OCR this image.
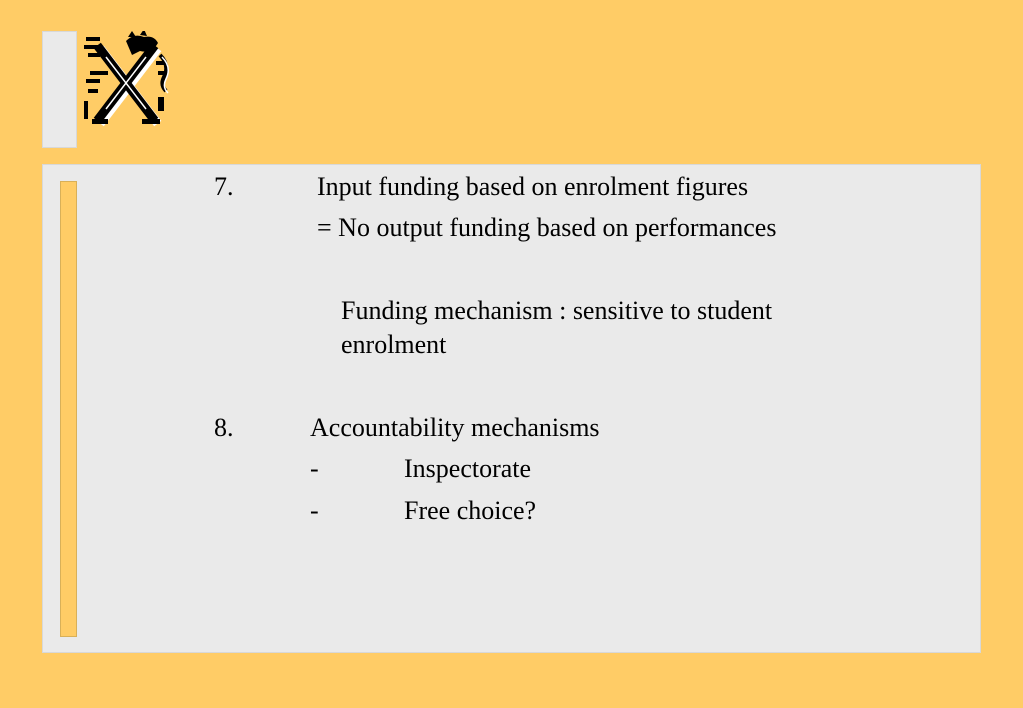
7.	Input funding based on enrolment figures
= No output funding based on performances
Funding mechanism : sensitive to student
enrolment
8.	Accountability mechanisms
-	Inspectorate
-	Free choice?
